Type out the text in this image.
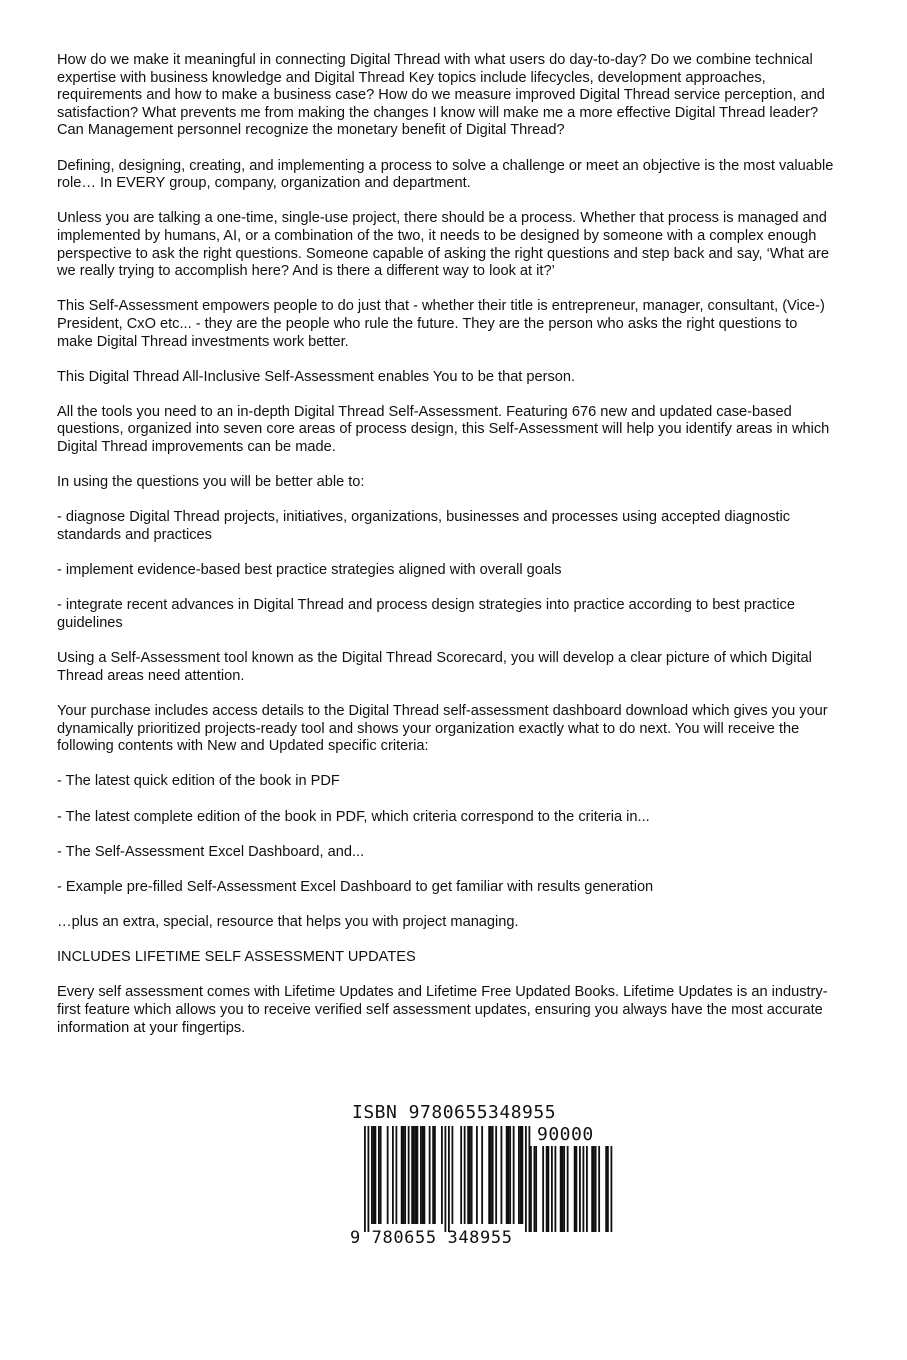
How do we make it meaningful in connecting Digital Thread with what users do day-to-day? Do we combine technical expertise with business knowledge and Digital Thread Key topics include lifecycles, development approaches, requirements and how to make a business case? How do we measure improved Digital Thread service perception, and satisfaction? What prevents me from making the changes I know will make me a more effective Digital Thread leader? Can Management personnel recognize the monetary benefit of Digital Thread?

Defining, designing, creating, and implementing a process to solve a challenge or meet an objective is the most valuable role… In EVERY group, company, organization and department.

Unless you are talking a one-time, single-use project, there should be a process. Whether that process is managed and implemented by humans, AI, or a combination of the two, it needs to be designed by someone with a complex enough perspective to ask the right questions. Someone capable of asking the right questions and step back and say, ‘What are we really trying to accomplish here? And is there a different way to look at it?’

This Self-Assessment empowers people to do just that - whether their title is entrepreneur, manager, consultant, (Vice-) President, CxO etc... - they are the people who rule the future. They are the person who asks the right questions to make Digital Thread investments work better.

This Digital Thread All-Inclusive Self-Assessment enables You to be that person.

All the tools you need to an in-depth Digital Thread Self-Assessment. Featuring 676 new and updated case-based questions, organized into seven core areas of process design, this Self-Assessment will help you identify areas in which Digital Thread improvements can be made.

In using the questions you will be better able to:

- diagnose Digital Thread projects, initiatives, organizations, businesses and processes using accepted diagnostic standards and practices

- implement evidence-based best practice strategies aligned with overall goals

- integrate recent advances in Digital Thread and process design strategies into practice according to best practice guidelines

Using a Self-Assessment tool known as the Digital Thread Scorecard, you will develop a clear picture of which Digital Thread areas need attention.

Your purchase includes access details to the Digital Thread self-assessment dashboard download which gives you your dynamically prioritized projects-ready tool and shows your organization exactly what to do next. You will receive the following contents with New and Updated specific criteria:

- The latest quick edition of the book in PDF

- The latest complete edition of the book in PDF, which criteria correspond to the criteria in...

- The Self-Assessment Excel Dashboard, and...

- Example pre-filled Self-Assessment Excel Dashboard to get familiar with results generation

…plus an extra, special, resource that helps you with project managing.

INCLUDES LIFETIME SELF ASSESSMENT UPDATES

Every self assessment comes with Lifetime Updates and Lifetime Free Updated Books. Lifetime Updates is an industry-first feature which allows you to receive verified self assessment updates, ensuring you always have the most accurate information at your fingertips.

ISBN 9780655348955
90000
9 780655 348955
